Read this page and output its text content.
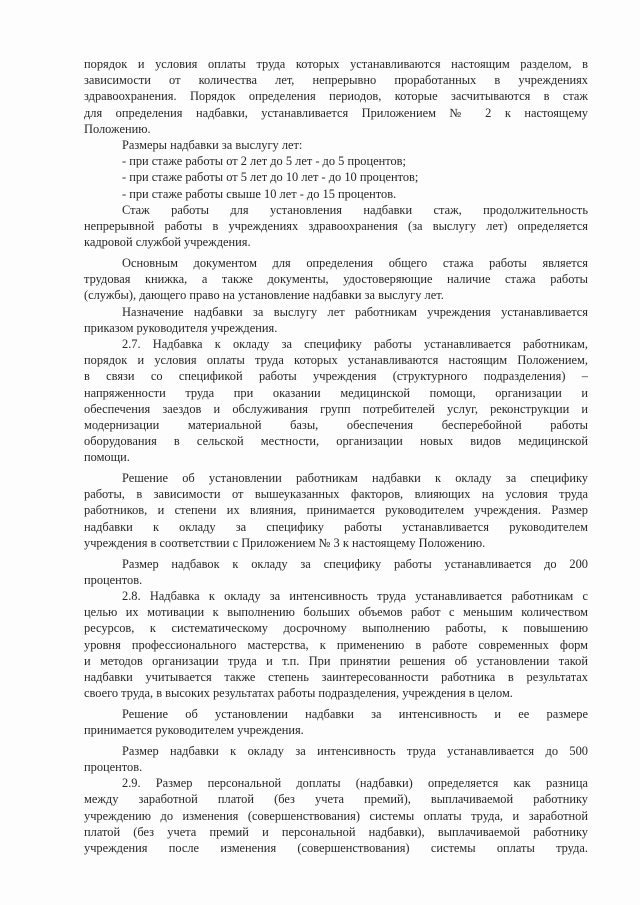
порядок и условия оплаты труда которых устанавливаются настоящим разделом, в

зависимости от количества лет, непрерывно проработанных в учреждениях

здравоохранения. Порядок определения периодов, которые засчитываются в стаж

для определения надбавки, устанавливается Приложением № 2 к настоящему

Положению.

Размеры надбавки за выслугу лет:

- при стаже работы от 2 лет до 5 лет - до 5 процентов;

- при стаже работы от 5 лет до 10 лет - до 10 процентов;

- при стаже работы свыше 10 лет - до 15 процентов.

Стаж работы для установления надбавки стаж, продолжительность

непрерывной работы в учреждениях здравоохранения (за выслугу лет) определяется

кадровой службой учреждения.

Основным документом для определения общего стажа работы является

трудовая книжка, а также документы, удостоверяющие наличие стажа работы

(службы), дающего право на установление надбавки за выслугу лет.

Назначение надбавки за выслугу лет работникам учреждения устанавливается

приказом руководителя учреждения.

2.7. Надбавка к окладу за специфику работы устанавливается работникам,

порядок и условия оплаты труда которых устанавливаются настоящим Положением,

в связи со спецификой работы учреждения (структурного подразделения) –

напряженности труда при оказании медицинской помощи, организации и

обеспечения заездов и обслуживания групп потребителей услуг, реконструкции и

модернизации материальной базы, обеспечения бесперебойной работы

оборудования в сельской местности, организации новых видов медицинской

помощи.

Решение об установлении работникам надбавки к окладу за специфику

работы, в зависимости от вышеуказанных факторов, влияющих на условия труда

работников, и степени их влияния, принимается руководителем учреждения. Размер

надбавки к окладу за специфику работы устанавливается руководителем

учреждения в соответствии с Приложением № 3 к настоящему Положению.

Размер надбавок к окладу за специфику работы устанавливается до 200

процентов.

2.8. Надбавка к окладу за интенсивность труда устанавливается работникам с

целью их мотивации к выполнению больших объемов работ с меньшим количеством

ресурсов, к систематическому досрочному выполнению работы, к повышению

уровня профессионального мастерства, к применению в работе современных форм

и методов организации труда и т.п. При принятии решения об установлении такой

надбавки учитывается также степень заинтересованности работника в результатах

своего труда, в высоких результатах работы подразделения, учреждения в целом.

Решение об установлении надбавки за интенсивность и ее размере

принимается руководителем учреждения.

Размер надбавки к окладу за интенсивность труда устанавливается до 500

процентов.

2.9. Размер персональной доплаты (надбавки) определяется как разница

между заработной платой (без учета премий), выплачиваемой работнику

учреждению до изменения (совершенствования) системы оплаты труда, и заработной

платой (без учета премий и персональной надбавки), выплачиваемой работнику

учреждения после изменения (совершенствования) системы оплаты труда.
